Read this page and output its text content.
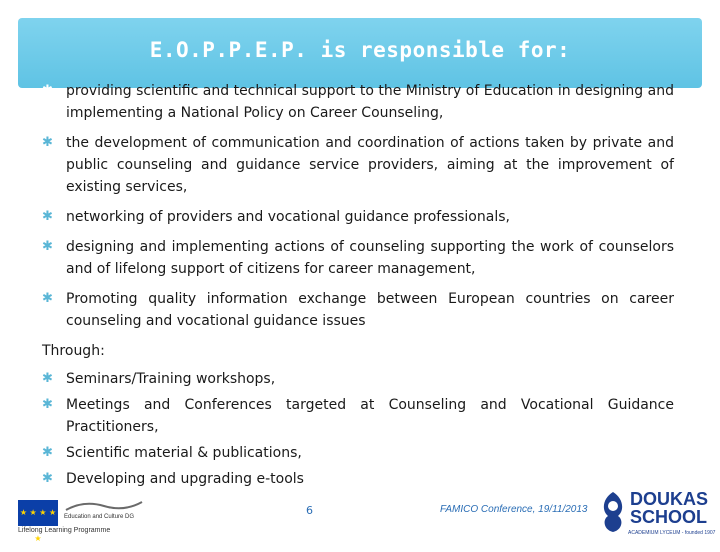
E.O.P.P.E.P. is responsible for:
✱ providing scientific and technical support to the Ministry of Education in designing and implementing a National Policy on Career Counseling,
✱ the development of communication and coordination of actions taken by private and public counseling and guidance service providers, aiming at the improvement of existing services,
✱ networking of providers and vocational guidance professionals,
✱ designing and implementing actions of counseling supporting the work of counselors and of lifelong support of citizens for career management,
✱ Promoting quality information exchange between European countries on career counseling and vocational guidance issues
Through:
✱ Seminars/Training workshops,
✱ Meetings and Conferences targeted at Counseling and Vocational Guidance Practitioners,
✱ Scientific material & publications,
✱ Developing and upgrading e-tools
★ ★ ★ ★ ★
Education and Culture DG
Lifelong Learning Programme
6	FAMICO Conference, 19/11/2013
DOUKAS
SCHOOL
ACADEMIUM LYCEUM - founded 1907
